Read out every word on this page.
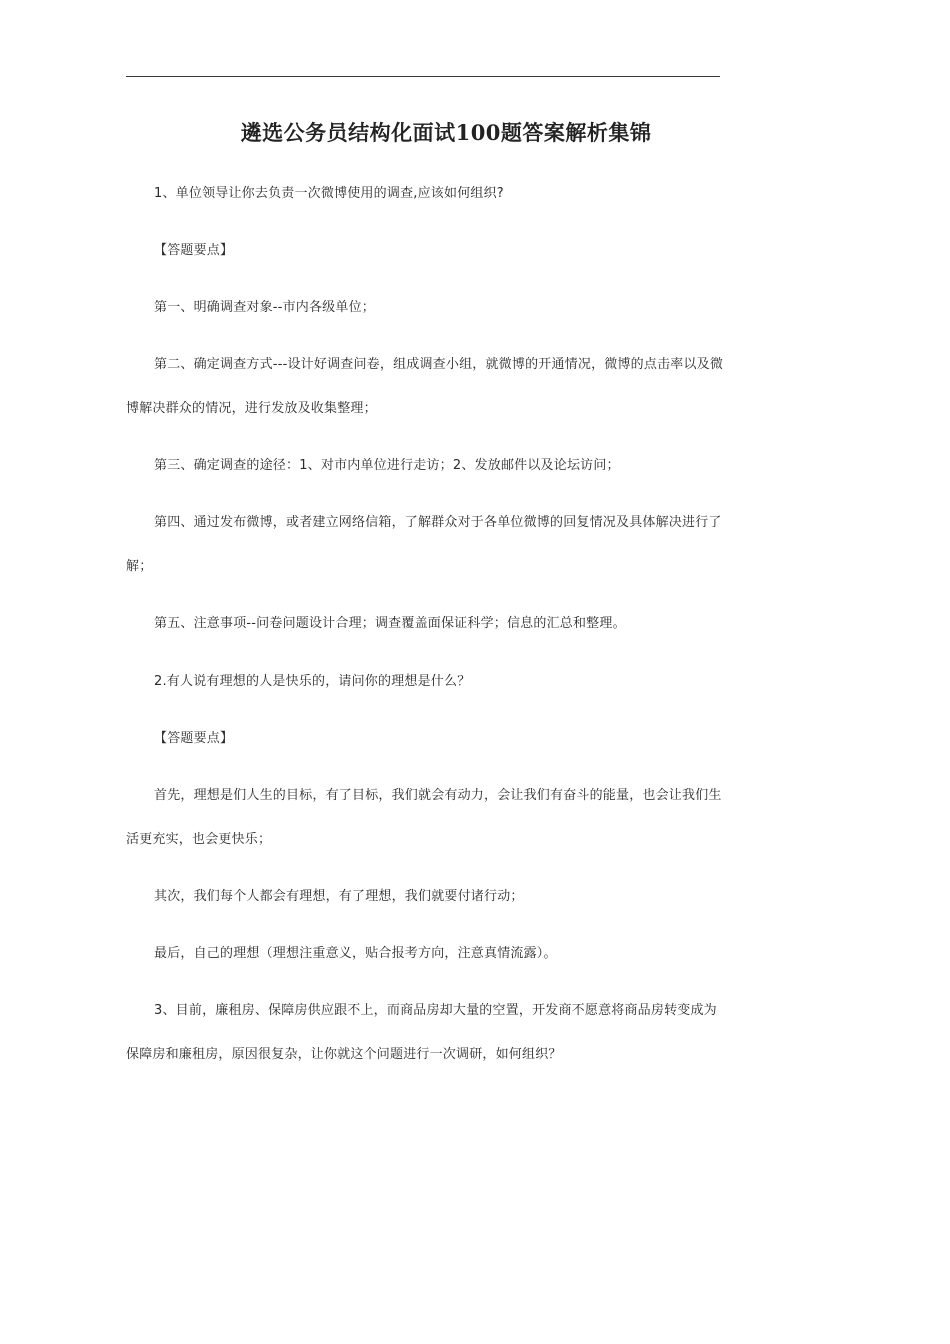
遴选公务员结构化面试100题答案解析集锦

1、单位领导让你去负责一次微博使用的调查,应该如何组织?

【答题要点】

第一、明确调查对象--市内各级单位；

第二、确定调查方式---设计好调查问卷，组成调查小组，就微博的开通情况，微博的点击率以及微博解决群众的情况，进行发放及收集整理；

第三、确定调查的途径：1、对市内单位进行走访；2、发放邮件以及论坛访问；

第四、通过发布微博，或者建立网络信箱，了解群众对于各单位微博的回复情况及具体解决进行了解；

第五、注意事项--问卷问题设计合理；调查覆盖面保证科学；信息的汇总和整理。

2.有人说有理想的人是快乐的，请问你的理想是什么？

【答题要点】

首先，理想是们人生的目标，有了目标，我们就会有动力，会让我们有奋斗的能量，也会让我们生活更充实，也会更快乐；

其次，我们每个人都会有理想，有了理想，我们就要付诸行动；

最后，自己的理想（理想注重意义，贴合报考方向，注意真情流露）。

3、目前，廉租房、保障房供应跟不上，而商品房却大量的空置，开发商不愿意将商品房转变成为保障房和廉租房，原因很复杂，让你就这个问题进行一次调研，如何组织？
